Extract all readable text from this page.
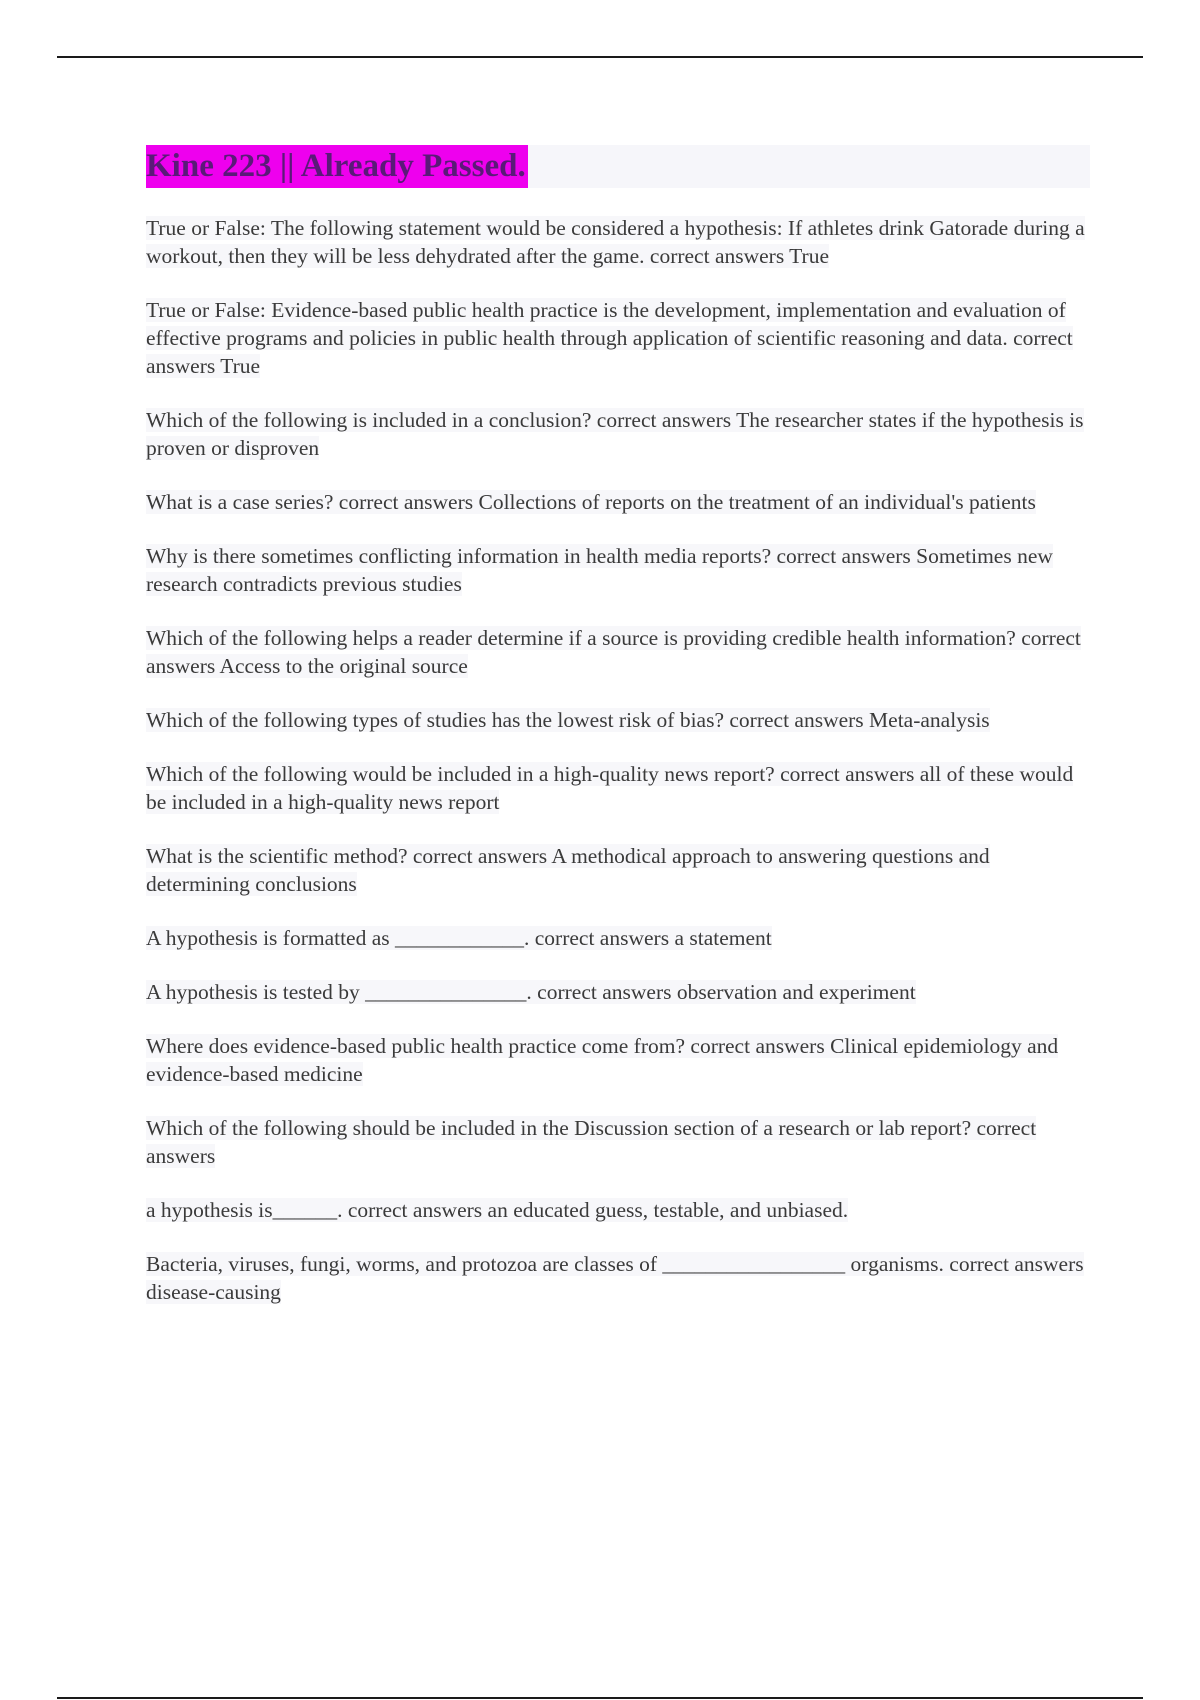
Kine 223 || Already Passed.
True or False: The following statement would be considered a hypothesis: If athletes drink Gatorade during a workout, then they will be less dehydrated after the game. correct answers True
True or False: Evidence-based public health practice is the development, implementation and evaluation of effective programs and policies in public health through application of scientific reasoning and data. correct answers True
Which of the following is included in a conclusion? correct answers The researcher states if the hypothesis is proven or disproven
What is a case series? correct answers Collections of reports on the treatment of an individual's patients
Why is there sometimes conflicting information in health media reports? correct answers Sometimes new research contradicts previous studies
Which of the following helps a reader determine if a source is providing credible health information? correct answers Access to the original source
Which of the following types of studies has the lowest risk of bias? correct answers Meta-analysis
Which of the following would be included in a high-quality news report? correct answers all of these would be included in a high-quality news report
What is the scientific method? correct answers A methodical approach to answering questions and determining conclusions
A hypothesis is formatted as ____________. correct answers a statement
A hypothesis is tested by _______________. correct answers observation and experiment
Where does evidence-based public health practice come from? correct answers Clinical epidemiology and evidence-based medicine
Which of the following should be included in the Discussion section of a research or lab report? correct answers
a hypothesis is______. correct answers an educated guess, testable, and unbiased.
Bacteria, viruses, fungi, worms, and protozoa are classes of _________________ organisms. correct answers disease-causing
